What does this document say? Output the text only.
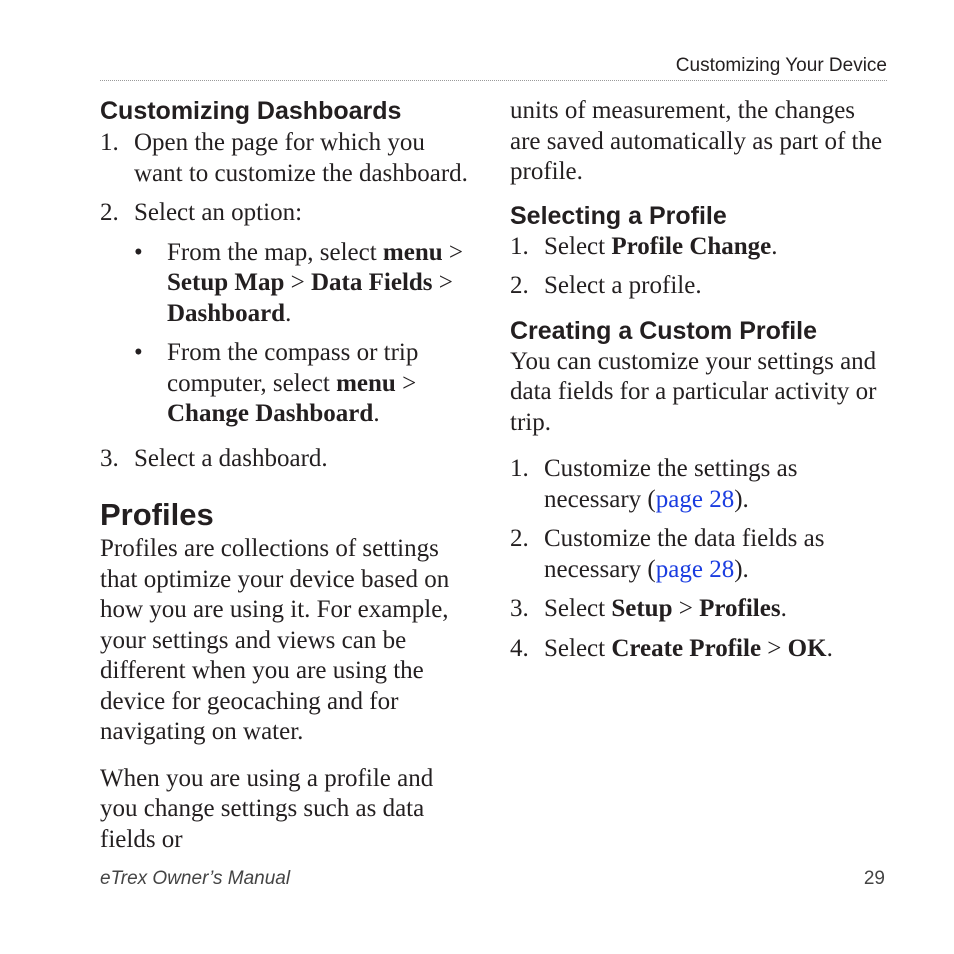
Customizing Your Device
Customizing Dashboards
1. Open the page for which you want to customize the dashboard.
2. Select an option:
• From the map, select menu > Setup Map > Data Fields > Dashboard.
• From the compass or trip computer, select menu > Change Dashboard.
3. Select a dashboard.
Profiles

Profiles are collections of settings that optimize your device based on how you are using it. For example, your settings and views can be different when you are using the device for geocaching and for navigating on water.

When you are using a profile and you change settings such as data fields or

units of measurement, the changes are saved automatically as part of the profile.

Selecting a Profile
1. Select Profile Change.
2. Select a profile.
Creating a Custom Profile

You can customize your settings and data fields for a particular activity or trip.

1. Customize the settings as necessary (page 28).
2. Customize the data fields as necessary (page 28).
3. Select Setup > Profiles.
4. Select Create Profile > OK.
eTrex Owner’s Manual	29
